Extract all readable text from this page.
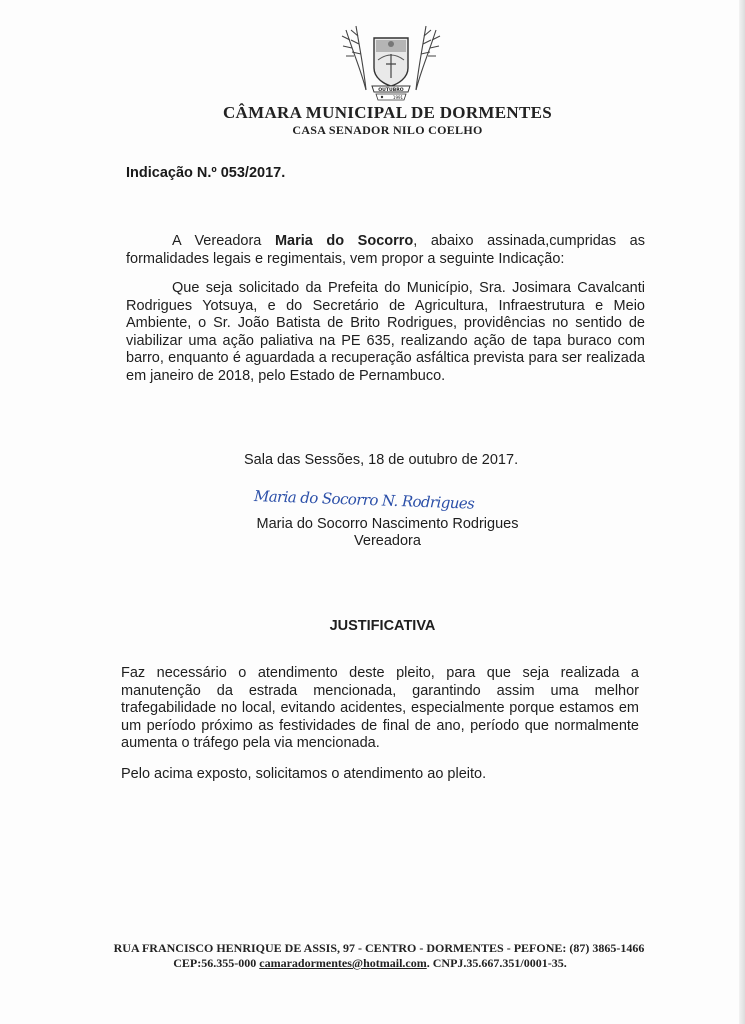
OUTUBRO
1991
CÂMARA MUNICIPAL DE DORMENTES
CASA SENADOR NILO COELHO
Indicação N.º 053/2017.
A Vereadora Maria do Socorro, abaixo assinada,cumpridas as formalidades legais e regimentais, vem propor a seguinte Indicação:
Que seja solicitado da Prefeita do Município, Sra. Josimara Cavalcanti Rodrigues Yotsuya, e do Secretário de Agricultura, Infraestrutura e Meio Ambiente, o Sr. João Batista de Brito Rodrigues, providências no sentido de viabilizar uma ação paliativa na PE 635, realizando ação de tapa buraco com barro, enquanto é aguardada a recuperação asfáltica prevista para ser realizada em janeiro de 2018, pelo Estado de Pernambuco.
Sala das Sessões, 18 de outubro de 2017.
Maria do Socorro N. Rodrigues
Maria do Socorro Nascimento Rodrigues
Vereadora
JUSTIFICATIVA
Faz necessário o atendimento deste pleito, para que seja realizada a manutenção da estrada mencionada, garantindo assim uma melhor trafegabilidade no local, evitando acidentes, especialmente porque estamos em um período próximo as festividades de final de ano, período que normalmente aumenta o tráfego pela via mencionada.
Pelo acima exposto, solicitamos o atendimento ao pleito.
RUA FRANCISCO HENRIQUE DE ASSIS, 97 - CENTRO - DORMENTES - PEFONE: (87) 3865-1466
CEP:56.355-000 camaradormentes@hotmail.com. CNPJ.35.667.351/0001-35.
